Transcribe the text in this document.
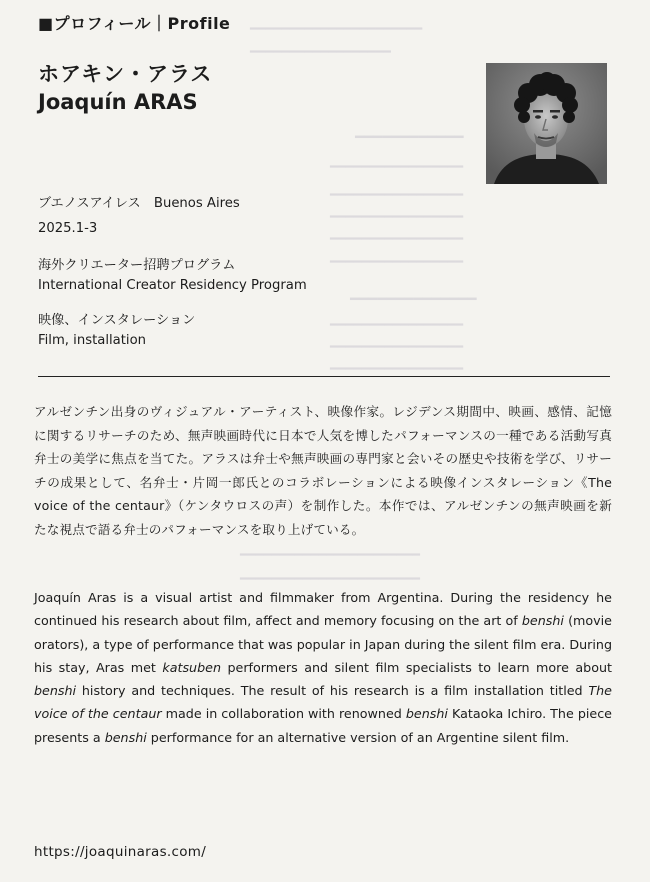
━━━━━━━━━━━━━━━━━━━━━━
━━━━━━━━━━━━━━━━━━
━━━━━━━━━━━━
━━━━━━━━━━━━━━━━━
━━━━━━━━━━━━━━━━━
━━━━━━━━━━━━━━━━━
━━━━━━━━━━━━━━━━━
━━━━━━━━━━━━━━━━━
━━━━━━━━━━━━━━
━━━━━━━━━━━━━━━━━
━━━━━━━━━━━━━━━━━
━━━━━━━━━━━━━━━━━
━━━━━━━━━━━━━━━━━━━━━━━
━━━━━━━━━━━━━━━━━━━━━━━
■プロフィール｜Profile
ホアキン・アラス
Joaquín ARAS
ブエノスアイレス　Buenos Aires
2025.1-3
海外クリエーター招聘プログラム
International Creator Residency Program
映像、インスタレーション
Film, installation
アルゼンチン出身のヴィジュアル・アーティスト、映像作家。レジデンス期間中、映画、感情、記憶に関するリサーチのため、無声映画時代に日本で人気を博したパフォーマンスの一種である活動写真弁士の美学に焦点を当てた。アラスは弁士や無声映画の専門家と会いその歴史や技術を学び、リサーチの成果として、名弁士・片岡一郎氏とのコラボレーションによる映像インスタレーション《The voice of the centaur》（ケンタウロスの声）を制作した。本作では、アルゼンチンの無声映画を新たな視点で語る弁士のパフォーマンスを取り上げている。
Joaquín Aras is a visual artist and filmmaker from Argentina. During the residency he continued his research about film, affect and memory focusing on the art of benshi (movie orators), a type of performance that was popular in Japan during the silent film era. During his stay, Aras met katsuben performers and silent film specialists to learn more about benshi history and techniques. The result of his research is a film installation titled The voice of the centaur made in collaboration with renowned benshi Kataoka Ichiro. The piece presents a benshi performance for an alternative version of an Argentine silent film.
https://joaquinaras.com/
